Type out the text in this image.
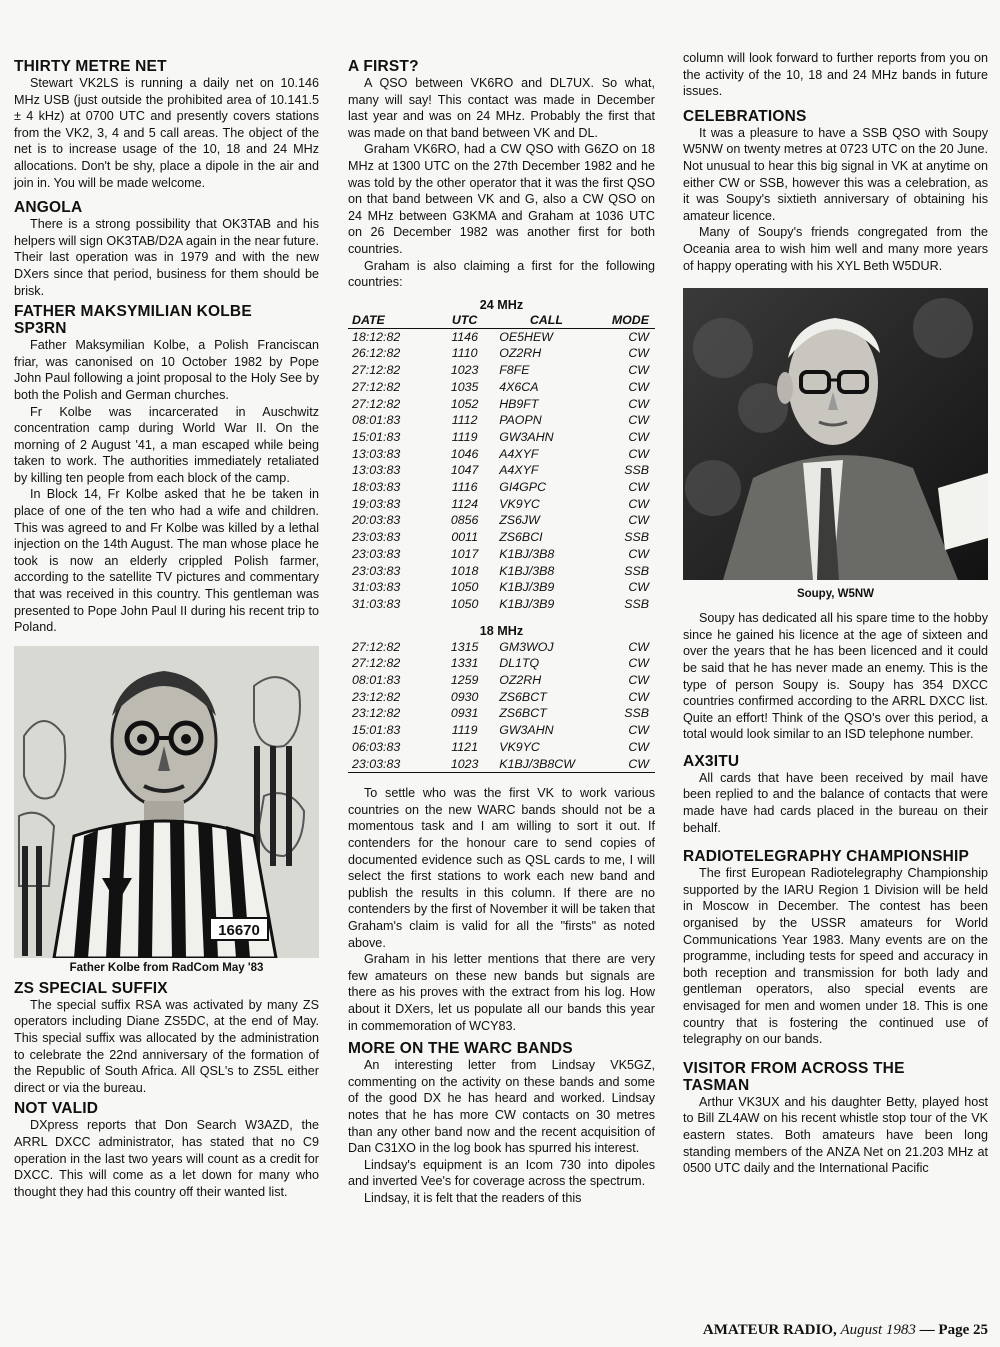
THIRTY METRE NET

Stewart VK2LS is running a daily net on 10.146 MHz USB (just outside the prohibited area of 10.141.5 ± 4 kHz) at 0700 UTC and presently covers stations from the VK2, 3, 4 and 5 call areas. The object of the net is to increase usage of the 10, 18 and 24 MHz allocations. Don't be shy, place a dipole in the air and join in. You will be made welcome.

ANGOLA

There is a strong possibility that OK3TAB and his helpers will sign OK3TAB/D2A again in the near future. Their last operation was in 1979 and with the new DXers since that period, business for them should be brisk.

FATHER MAKSYMILIAN KOLBE SP3RN

Father Maksymilian Kolbe, a Polish Franciscan friar, was canonised on 10 October 1982 by Pope John Paul following a joint proposal to the Holy See by both the Polish and German churches.

Fr Kolbe was incarcerated in Auschwitz concentration camp during World War II. On the morning of 2 August '41, a man escaped while being taken to work. The authorities immediately retaliated by killing ten people from each block of the camp.

In Block 14, Fr Kolbe asked that he be taken in place of one of the ten who had a wife and children. This was agreed to and Fr Kolbe was killed by a lethal injection on the 14th August. The man whose place he took is now an elderly crippled Polish farmer, according to the satellite TV pictures and commentary that was received in this country. This gentleman was presented to Pope John Paul II during his recent trip to Poland.

16670
Father Kolbe from RadCom May '83
ZS SPECIAL SUFFIX

The special suffix RSA was activated by many ZS operators including Diane ZS5DC, at the end of May. This special suffix was allocated by the administration to celebrate the 22nd anniversary of the formation of the Republic of South Africa. All QSL's to ZS5L either direct or via the bureau.

NOT VALID

DXpress reports that Don Search W3AZD, the ARRL DXCC administrator, has stated that no C9 operation in the last two years will count as a credit for DXCC. This will come as a let down for many who thought they had this country off their wanted list.

A FIRST?

A QSO between VK6RO and DL7UX. So what, many will say! This contact was made in December last year and was on 24 MHz. Probably the first that was made on that band between VK and DL.

Graham VK6RO, had a CW QSO with G6ZO on 18 MHz at 1300 UTC on the 27th December 1982 and he was told by the other operator that it was the first QSO on that band between VK and G, also a CW QSO on 24 MHz between G3KMA and Graham at 1036 UTC on 26 December 1982 was another first for both countries.

Graham is also claiming a first for the following countries:

24 MHz
DATE	UTC	CALL	MODE
18:12:82	1146	OE5HEW	CW
26:12:82	1110	OZ2RH	CW
27:12:82	1023	F8FE	CW
27:12:82	1035	4X6CA	CW
27:12:82	1052	HB9FT	CW
08:01:83	1112	PAOPN	CW
15:01:83	1119	GW3AHN	CW
13:03:83	1046	A4XYF	CW
13:03:83	1047	A4XYF	SSB
18:03:83	1116	GI4GPC	CW
19:03:83	1124	VK9YC	CW
20:03:83	0856	ZS6JW	CW
23:03:83	0011	ZS6BCI	SSB
23:03:83	1017	K1BJ/3B8	CW
23:03:83	1018	K1BJ/3B8	SSB
31:03:83	1050	K1BJ/3B9	CW
31:03:83	1050	K1BJ/3B9	SSB
18 MHz
27:12:82	1315	GM3WOJ	CW
27:12:82	1331	DL1TQ	CW
08:01:83	1259	OZ2RH	CW
23:12:82	0930	ZS6BCT	CW
23:12:82	0931	ZS6BCT	SSB
15:01:83	1119	GW3AHN	CW
06:03:83	1121	VK9YC	CW
23:03:83	1023	K1BJ/3B8CW	CW

To settle who was the first VK to work various countries on the new WARC bands should not be a momentous task and I am willing to sort it out. If contenders for the honour care to send copies of documented evidence such as QSL cards to me, I will select the first stations to work each new band and publish the results in this column. If there are no contenders by the first of November it will be taken that Graham's claim is valid for all the "firsts" as noted above.

Graham in his letter mentions that there are very few amateurs on these new bands but signals are there as his proves with the extract from his log. How about it DXers, let us populate all our bands this year in commemoration of WCY83.

MORE ON THE WARC BANDS

An interesting letter from Lindsay VK5GZ, commenting on the activity on these bands and some of the good DX he has heard and worked. Lindsay notes that he has more CW contacts on 30 metres than any other band now and the recent acquisition of Dan C31XO in the log book has spurred his interest.

Lindsay's equipment is an Icom 730 into dipoles and inverted Vee's for coverage across the spectrum.

Lindsay, it is felt that the readers of this

column will look forward to further reports from you on the activity of the 10, 18 and 24 MHz bands in future issues.

CELEBRATIONS

It was a pleasure to have a SSB QSO with Soupy W5NW on twenty metres at 0723 UTC on the 20 June. Not unusual to hear this big signal in VK at anytime on either CW or SSB, however this was a celebration, as it was Soupy's sixtieth anniversary of obtaining his amateur licence.

Many of Soupy's friends congregated from the Oceania area to wish him well and many more years of happy operating with his XYL Beth W5DUR.

Soupy, W5NW

Soupy has dedicated all his spare time to the hobby since he gained his licence at the age of sixteen and over the years that he has been licenced and it could be said that he has never made an enemy. This is the type of person Soupy is. Soupy has 354 DXCC countries confirmed according to the ARRL DXCC list. Quite an effort! Think of the QSO's over this period, a total would look similar to an ISD telephone number.

AX3ITU

All cards that have been received by mail have been replied to and the balance of contacts that were made have had cards placed in the bureau on their behalf.

RADIOTELEGRAPHY CHAMPIONSHIP

The first European Radiotelegraphy Championship supported by the IARU Region 1 Division will be held in Moscow in December. The contest has been organised by the USSR amateurs for World Communications Year 1983. Many events are on the programme, including tests for speed and accuracy in both reception and transmission for both lady and gentleman operators, also special events are envisaged for men and women under 18. This is one country that is fostering the continued use of telegraphy on our bands.

VISITOR FROM ACROSS THE TASMAN

Arthur VK3UX and his daughter Betty, played host to Bill ZL4AW on his recent whistle stop tour of the VK eastern states. Both amateurs have been long standing members of the ANZA Net on 21.203 MHz at 0500 UTC daily and the International Pacific

AMATEUR RADIO, August 1983 — Page 25
